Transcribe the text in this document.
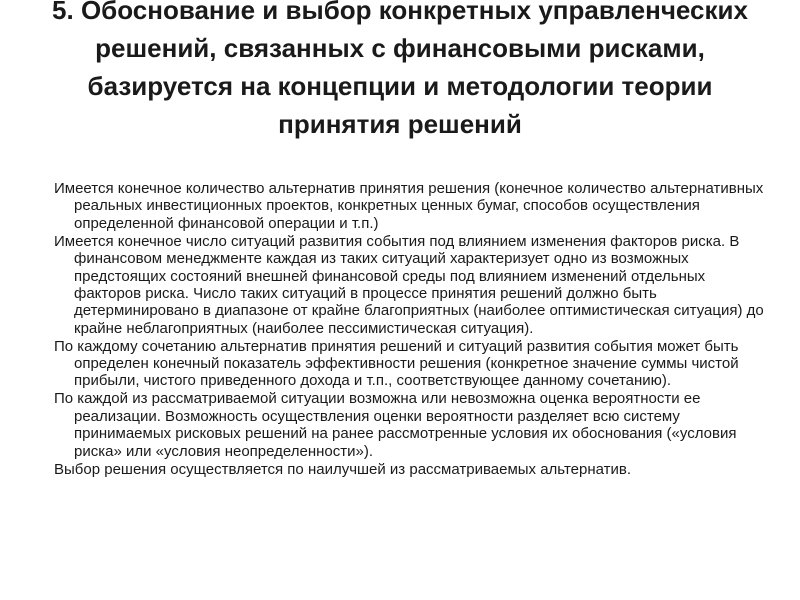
5. Обоснование и выбор конкретных управленческих решений, связанных с финансовыми рисками, базируется на концепции и методологии теории принятия решений
Имеется конечное количество альтернатив принятия решения (конечное количество альтернативных реальных инвестиционных проектов, конкретных ценных бумаг, способов осуществления определенной финансовой операции и т.п.)
Имеется конечное число ситуаций развития события под влиянием изменения факторов риска. В финансовом менеджменте каждая из таких ситуаций характеризует одно из возможных предстоящих состояний внешней финансовой среды под влиянием изменений отдельных факторов риска. Число таких ситуаций в процессе принятия решений должно быть детерминировано в диапазоне от крайне благоприятных (наиболее оптимистическая ситуация) до крайне неблагоприятных (наиболее пессимистическая ситуация).
По каждому сочетанию альтернатив принятия решений и ситуаций развития события может быть определен конечный показатель эффективности решения (конкретное значение суммы чистой прибыли, чистого приведенного дохода и т.п., соответствующее данному сочетанию).
По каждой из рассматриваемой ситуации возможна или невозможна оценка вероятности ее реализации. Возможность осуществления оценки вероятности разделяет всю систему принимаемых рисковых решений на ранее рассмотренные условия их обоснования («условия риска» или «условия неопределенности»).
Выбор решения осуществляется по наилучшей из рассматриваемых альтернатив.
